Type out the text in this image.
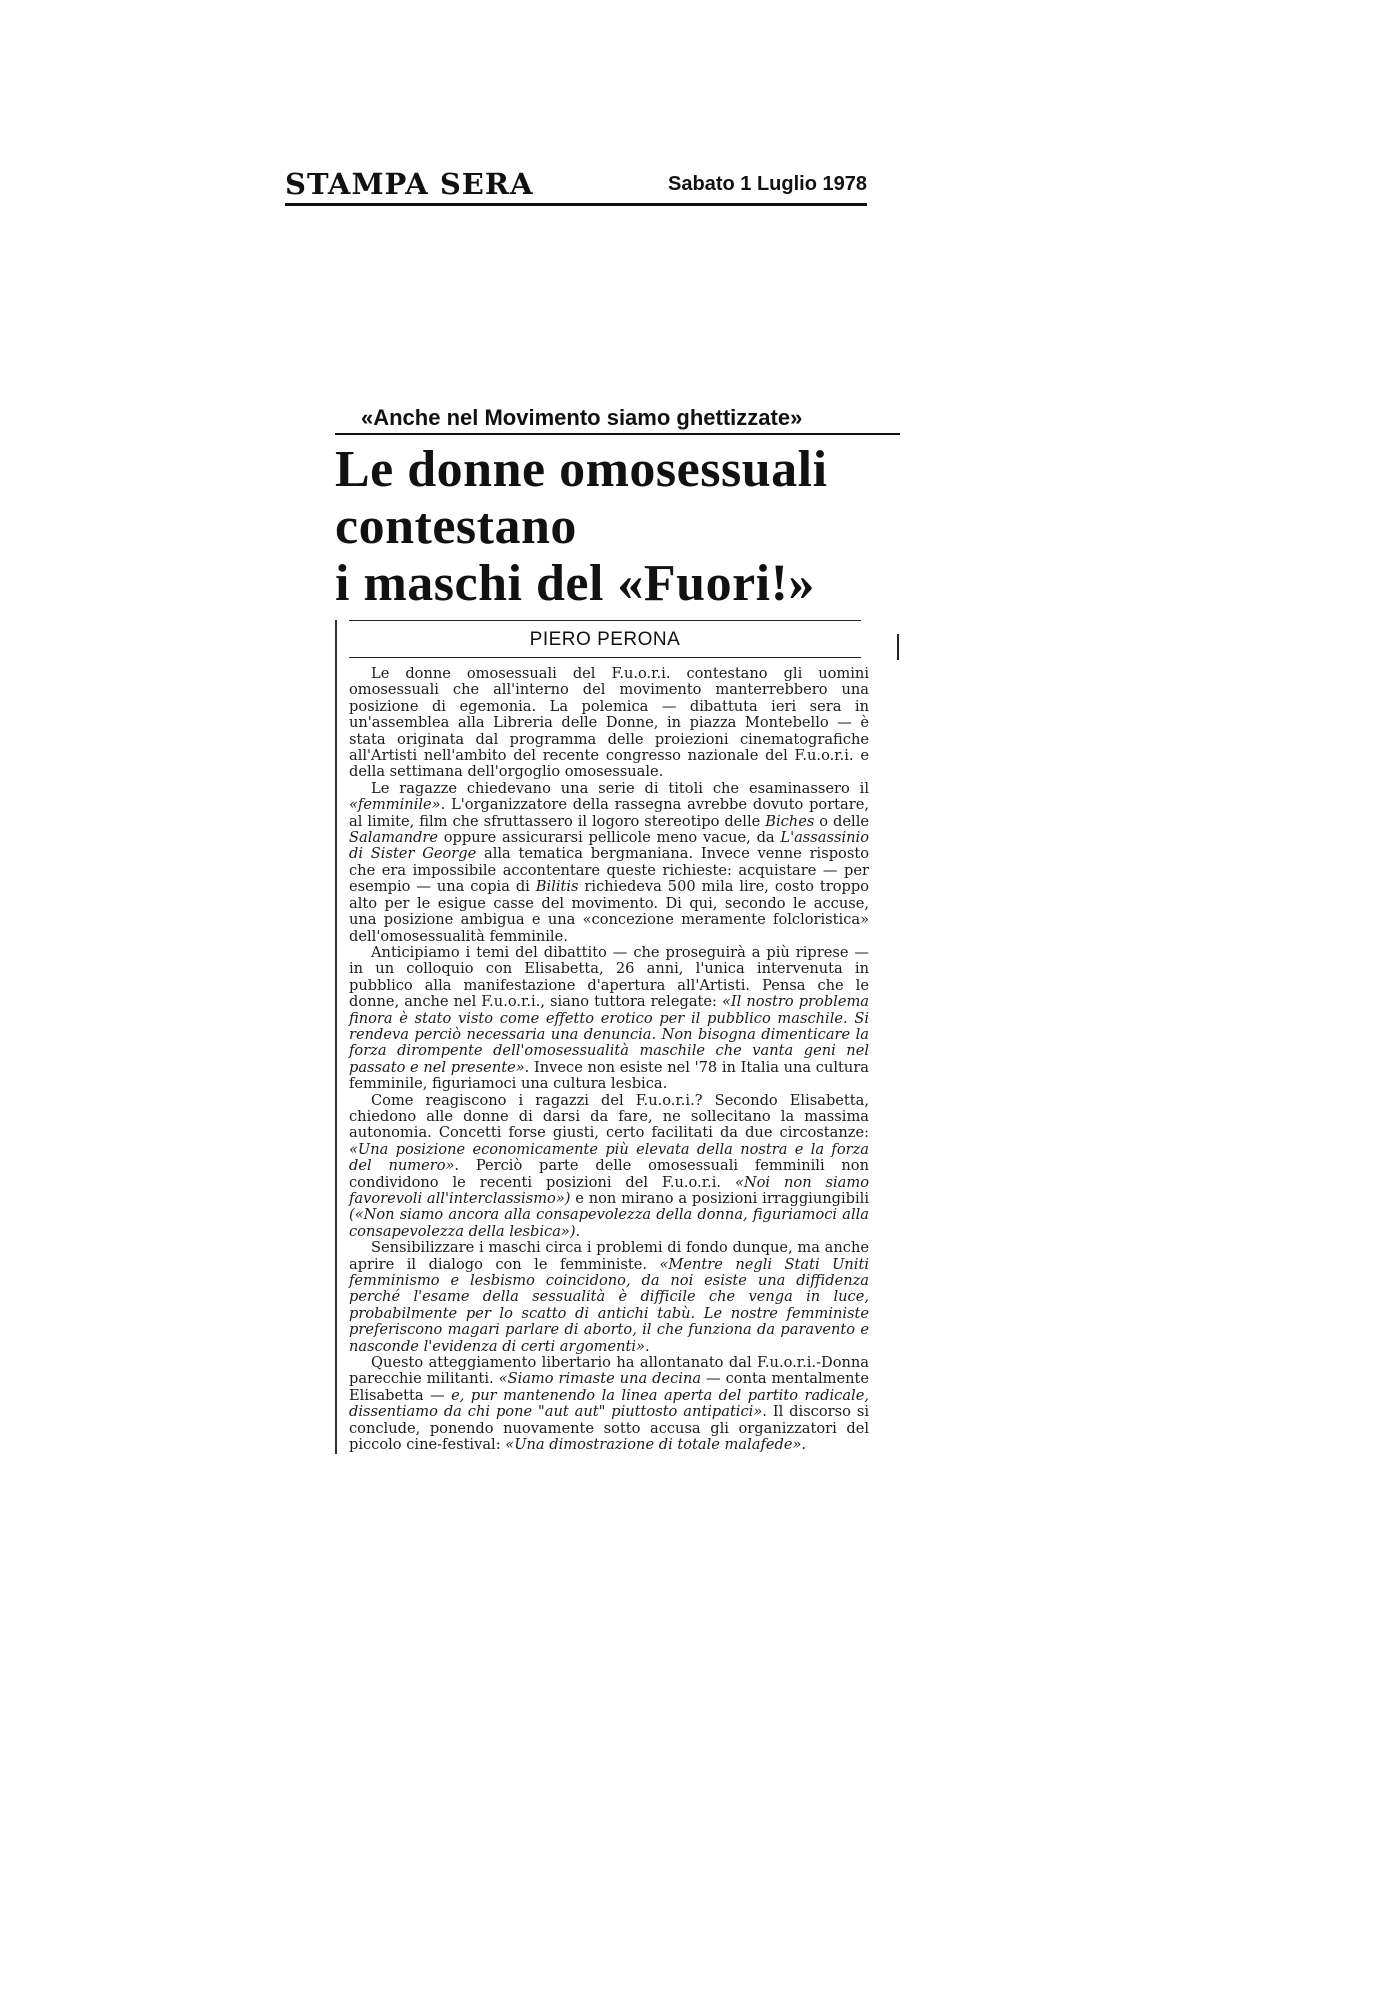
STAMPA SERA	Sabato 1 Luglio 1978
«Anche nel Movimento siamo ghettizzate»
Le donne omosessuali
contestano
i maschi del «Fuori!»
PIERO PERONA

Le donne omosessuali del F.u.o.r.i. contestano gli uomini omosessuali che all'interno del movimento manterrebbero una posizione di egemonia. La polemica — dibattuta ieri sera in un'assemblea alla Libreria delle Donne, in piazza Montebello — è stata originata dal programma delle proiezioni cinematografiche all'Artisti nell'ambito del recente congresso nazionale del F.u.o.r.i. e della settimana dell'orgoglio omosessuale.

Le ragazze chiedevano una serie di titoli che esaminassero il «femminile». L'organizzatore della rassegna avrebbe dovuto portare, al limite, film che sfruttassero il logoro stereotipo delle Biches o delle Salamandre oppure assicurarsi pellicole meno vacue, da L'assassinio di Sister George alla tematica bergmaniana. Invece venne risposto che era impossibile accontentare queste richieste: acquistare — per esempio — una copia di Bilitis richiedeva 500 mila lire, costo troppo alto per le esigue casse del movimento. Di qui, secondo le accuse, una posizione ambigua e una «concezione meramente folcloristica» dell'omosessualità femminile.

Anticipiamo i temi del dibattito — che proseguirà a più riprese — in un colloquio con Elisabetta, 26 anni, l'unica intervenuta in pubblico alla manifestazione d'apertura all'Artisti. Pensa che le donne, anche nel F.u.o.r.i., siano tuttora relegate: «Il nostro problema finora è stato visto come effetto erotico per il pubblico maschile. Si rendeva perciò necessaria una denuncia. Non bisogna dimenticare la forza dirompente dell'omosessualità maschile che vanta geni nel passato e nel presente». Invece non esiste nel '78 in Italia una cultura femminile, figuriamoci una cultura lesbica.

Come reagiscono i ragazzi del F.u.o.r.i.? Secondo Elisabetta, chiedono alle donne di darsi da fare, ne sollecitano la massima autonomia. Concetti forse giusti, certo facilitati da due circostanze: «Una posizione economicamente più elevata della nostra e la forza del numero». Perciò parte delle omosessuali femminili non condividono le recenti posizioni del F.u.o.r.i. «Noi non siamo favorevoli all'interclassismo») e non mirano a posizioni irraggiungibili («Non siamo ancora alla consapevolezza della donna, figuriamoci alla consapevolezza della lesbica»).

Sensibilizzare i maschi circa i problemi di fondo dunque, ma anche aprire il dialogo con le femministe. «Mentre negli Stati Uniti femminismo e lesbismo coincidono, da noi esiste una diffidenza perché l'esame della sessualità è difficile che venga in luce, probabilmente per lo scatto di antichi tabù. Le nostre femministe preferiscono magari parlare di aborto, il che funziona da paravento e nasconde l'evidenza di certi argomenti».

Questo atteggiamento libertario ha allontanato dal F.u.o.r.i.-Donna parecchie militanti. «Siamo rimaste una decina — conta mentalmente Elisabetta — e, pur mantenendo la linea aperta del partito radicale, dissentiamo da chi pone "aut aut" piuttosto antipatici». Il discorso si conclude, ponendo nuovamente sotto accusa gli organizzatori del piccolo cine-festival: «Una dimostrazione di totale malafede».
